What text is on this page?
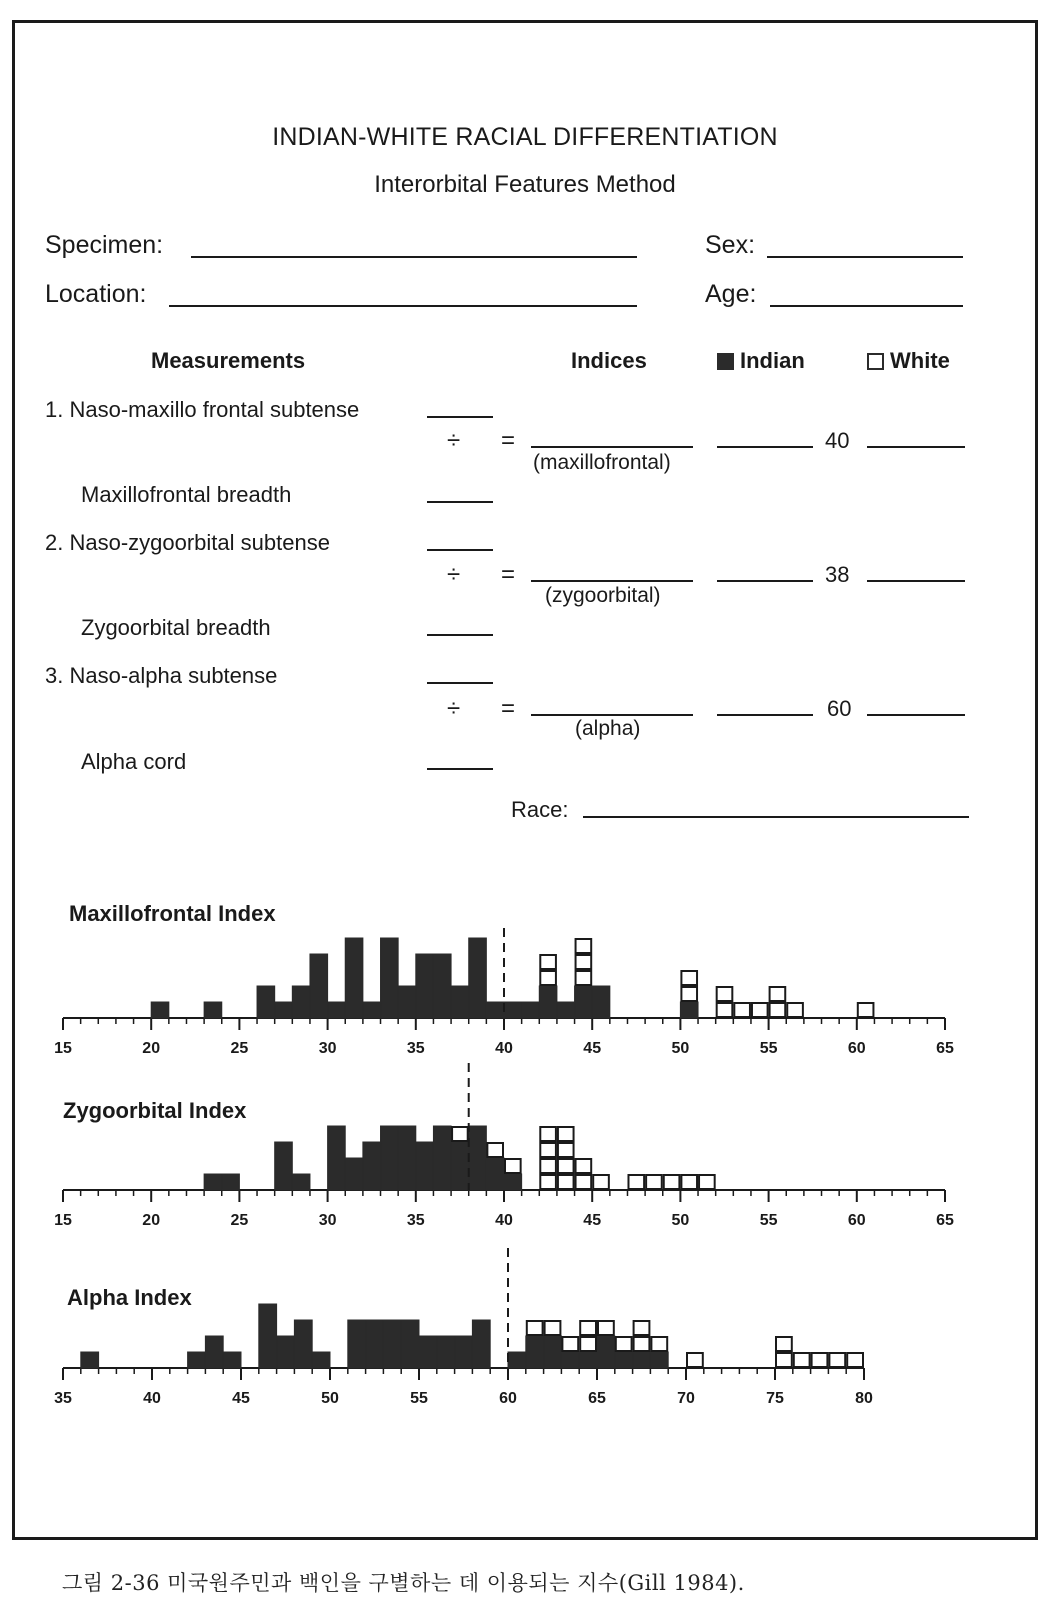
INDIAN-WHITE RACIAL DIFFERENTIATION
Interorbital Features Method
Specimen:	Sex:
Location:	Age:
Measurements	Indices	Indian	White
1. Naso-maxillo frontal subtense
÷ =
(maxillofrontal)
40
Maxillofrontal breadth
2. Naso-zygoorbital subtense
÷ =
(zygoorbital)
38
Zygoorbital breadth
3. Naso-alpha subtense
÷ =
(alpha)
60
Alpha cord
Race:
Maxillofrontal Index
15	20	25	30	35	40	45	50	55	60	65
Zygoorbital Index
15	20	25	30	35	40	45	50	55	60	65
Alpha Index
35	40	45	50	55	60	65	70	75	80
그림 2-36 미국원주민과 백인을 구별하는 데 이용되는 지수(Gill 1984).
